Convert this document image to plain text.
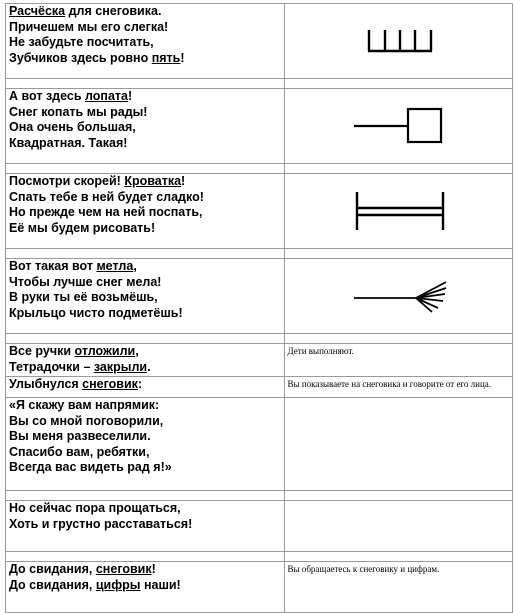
Расчёска для снеговика.
Причешем мы его слегка!
Не забудьте посчитать,
Зубчиков здесь ровно пять!

А вот здесь лопата!
Снег копать мы рады!
Она очень большая,
Квадратная. Такая!

Посмотри скорей! Кроватка!
Спать тебе в ней будет сладко!
Но прежде чем на ней поспать,
Её мы будем рисовать!

Вот такая вот метла,
Чтобы лучше снег мела!
В руки ты её возьмёшь,
Крыльцо чисто подметёшь!

Все ручки отложили,
Тетрадочки – закрыли.	Дети выполняют.

Улыбнулся снеговик:	Вы показываете на снеговика и говорите от его лица.

«Я скажу вам напрямик:
Вы со мной поговорили,
Вы меня развеселили.
Спасибо вам, ребятки,
Всегда вас видеть рад я!»	

Но сейчас пора прощаться,
Хоть и грустно расставаться!	

До свидания, снеговик!
До свидания, цифры наши!	Вы обращаетесь к снеговику и цифрам.
